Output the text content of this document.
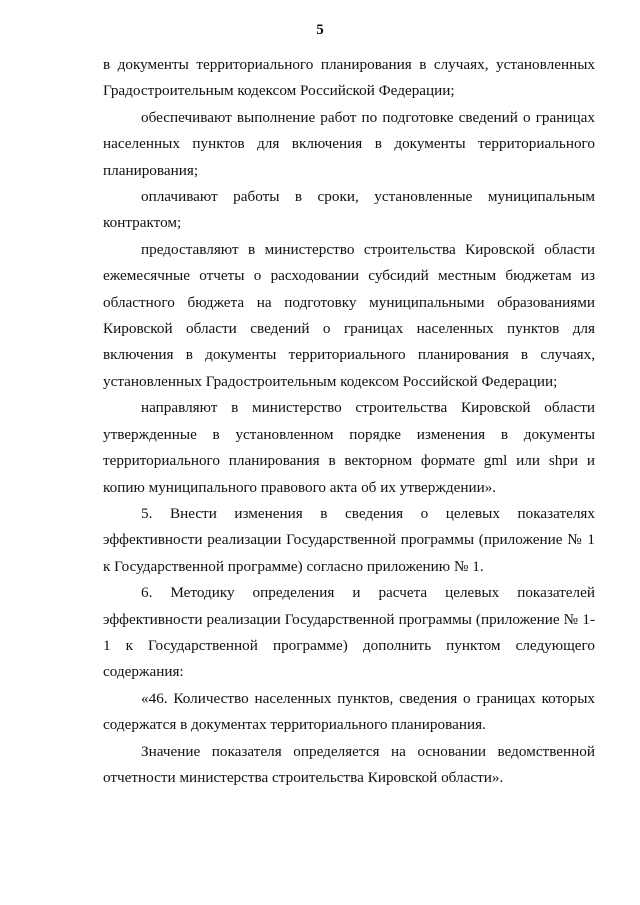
5

в документы территориального планирования в случаях, установленных Градостроительным кодексом Российской Федерации;

обеспечивают выполнение работ по подготовке сведений о границах населенных пунктов для включения в документы территориального планирования;

оплачивают работы в сроки, установленные муниципальным контрактом;

предоставляют в министерство строительства Кировской области ежемесячные отчеты о расходовании субсидий местным бюджетам из областного бюджета на подготовку муниципальными образованиями Кировской области сведений о границах населенных пунктов для включения в документы территориального планирования в случаях, установленных Градостроительным кодексом Российской Федерации;

направляют в министерство строительства Кировской области утвержденные в установленном порядке изменения в документы территориального планирования в векторном формате gml или shpи и копию муниципального правового акта об их утверждении».

5. Внести изменения в сведения о целевых показателях эффективности реализации Государственной программы (приложение № 1 к Государственной программе) согласно приложению № 1.

6. Методику определения и расчета целевых показателей эффективности реализации Государственной программы (приложение № 1-1 к Государственной программе) дополнить пунктом следующего содержания:

«46. Количество населенных пунктов, сведения о границах которых содержатся в документах территориального планирования.

Значение показателя определяется на основании ведомственной отчетности министерства строительства Кировской области».
